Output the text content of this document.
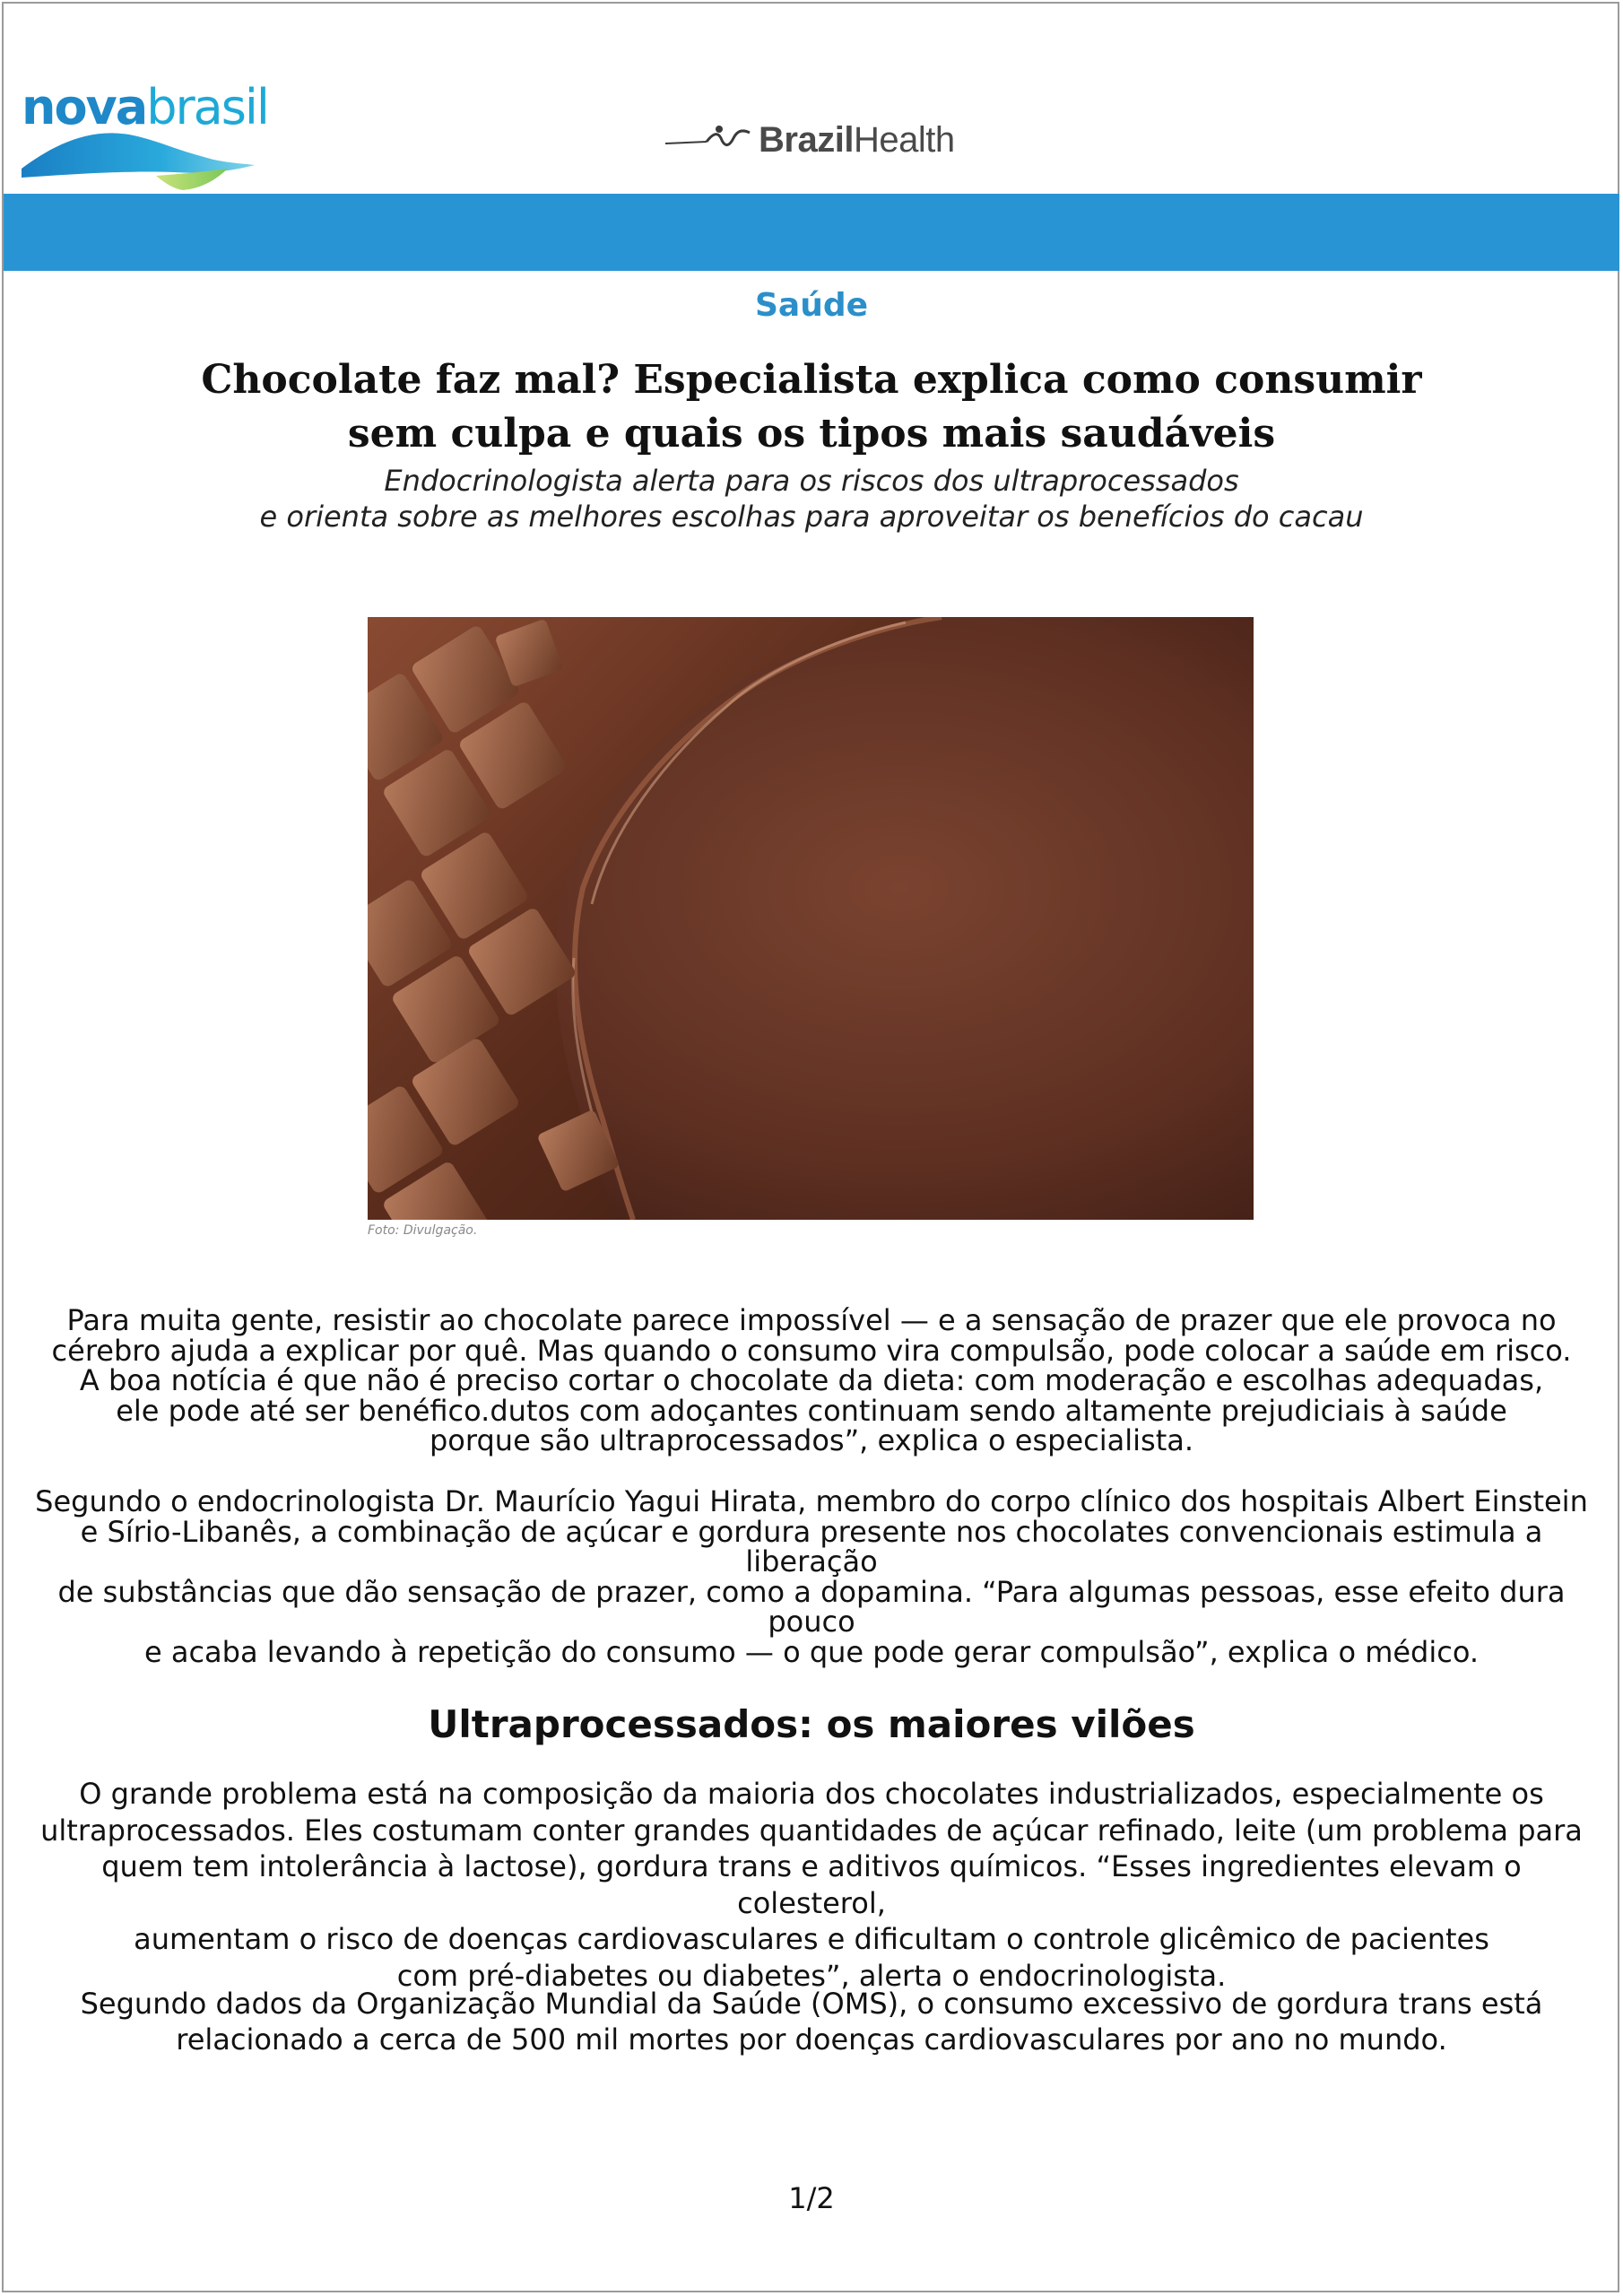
novabrasil
BrazilHealth
Saúde
Chocolate faz mal? Especialista explica como consumir
sem culpa e quais os tipos mais saudáveis
Endocrinologista alerta para os riscos dos ultraprocessados
e orienta sobre as melhores escolhas para aproveitar os benefícios do cacau
Foto: Divulgação.
Para muita gente, resistir ao chocolate parece impossível — e a sensação de prazer que ele provoca no
cérebro ajuda a explicar por quê. Mas quando o consumo vira compulsão, pode colocar a saúde em risco.
A boa notícia é que não é preciso cortar o chocolate da dieta: com moderação e escolhas adequadas,
ele pode até ser benéfico.dutos com adoçantes continuam sendo altamente prejudiciais à saúde
porque são ultraprocessados”, explica o especialista.
Segundo o endocrinologista Dr. Maurício Yagui Hirata, membro do corpo clínico dos hospitais Albert Einstein
e Sírio-Libanês, a combinação de açúcar e gordura presente nos chocolates convencionais estimula a liberação
de substâncias que dão sensação de prazer, como a dopamina. “Para algumas pessoas, esse efeito dura pouco
e acaba levando à repetição do consumo — o que pode gerar compulsão”, explica o médico.
Ultraprocessados: os maiores vilões
O grande problema está na composição da maioria dos chocolates industrializados, especialmente os
ultraprocessados. Eles costumam conter grandes quantidades de açúcar refinado, leite (um problema para
quem tem intolerância à lactose), gordura trans e aditivos químicos. “Esses ingredientes elevam o colesterol,
aumentam o risco de doenças cardiovasculares e dificultam o controle glicêmico de pacientes
com pré-diabetes ou diabetes”, alerta o endocrinologista.
Segundo dados da Organização Mundial da Saúde (OMS), o consumo excessivo de gordura trans está
relacionado a cerca de 500 mil mortes por doenças cardiovasculares por ano no mundo.
1/2
